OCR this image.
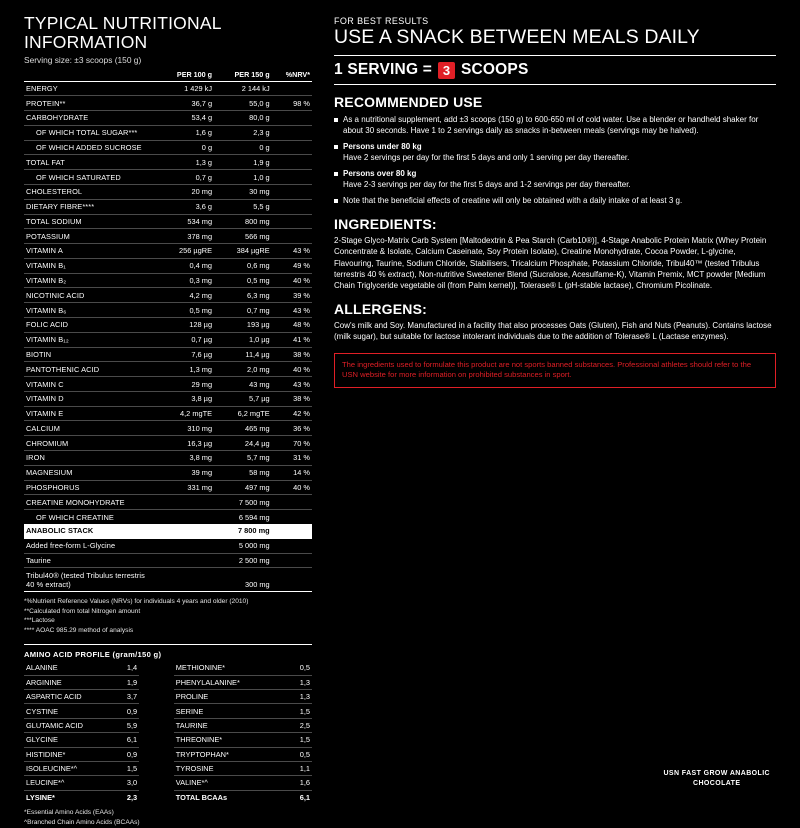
TYPICAL NUTRITIONAL INFORMATION
Serving size: ±3 scoops (150 g)
	PER 100 g	PER 150 g	%NRV*
ENERGY	1 429 kJ	2 144 kJ	
PROTEIN**	36,7 g	55,0 g	98 %
CARBOHYDRATE	53,4 g	80,0 g	
OF WHICH TOTAL SUGAR***	1,6 g	2,3 g	
OF WHICH ADDED SUCROSE	0 g	0 g	
TOTAL FAT	1,3 g	1,9 g	
OF WHICH SATURATED	0,7 g	1,0 g	
CHOLESTEROL	20 mg	30 mg	
DIETARY FIBRE****	3,6 g	5,5 g	
TOTAL SODIUM	534 mg	800 mg	
POTASSIUM	378 mg	566 mg	
VITAMIN A	256 µgRE	384 µgRE	43 %
VITAMIN B₁	0,4 mg	0,6 mg	49 %
VITAMIN B₂	0,3 mg	0,5 mg	40 %
NICOTINIC ACID	4,2 mg	6,3 mg	39 %
VITAMIN B₆	0,5 mg	0,7 mg	43 %
FOLIC ACID	128 µg	193 µg	48 %
VITAMIN B₁₂	0,7 µg	1,0 µg	41 %
BIOTIN	7,6 µg	11,4 µg	38 %
PANTOTHENIC ACID	1,3 mg	2,0 mg	40 %
VITAMIN C	29 mg	43 mg	43 %
VITAMIN D	3,8 µg	5,7 µg	38 %
VITAMIN E	4,2 mgTE	6,2 mgTE	42 %
CALCIUM	310 mg	465 mg	36 %
CHROMIUM	16,3 µg	24,4 µg	70 %
IRON	3,8 mg	5,7 mg	31 %
MAGNESIUM	39 mg	58 mg	14 %
PHOSPHORUS	331 mg	497 mg	40 %
CREATINE MONOHYDRATE		7 500 mg	
OF WHICH CREATINE		6 594 mg	
ANABOLIC STACK		7 800 mg	
Added free-form L-Glycine		5 000 mg	
Taurine		2 500 mg	
Tribul40® (tested Tribulus terrestris 40 % extract)		300 mg	
*%Nutrient Reference Values (NRVs) for individuals 4 years and older (2010)
**Calculated from total Nitrogen amount
***Lactose
**** AOAC 985.29 method of analysis
AMINO ACID PROFILE (gram/150 g)
ALANINE	1,4		METHIONINE*	0,5
ARGININE	1,9		PHENYLALANINE*	1,3
ASPARTIC ACID	3,7		PROLINE	1,3
CYSTINE	0,9		SERINE	1,5
GLUTAMIC ACID	5,9		TAURINE	2,5
GLYCINE	6,1		THREONINE*	1,5
HISTIDINE*	0,9		TRYPTOPHAN*	0,5
ISOLEUCINE*^	1,5		TYROSINE	1,1
LEUCINE*^	3,0		VALINE*^	1,6
LYSINE*	2,3		TOTAL BCAAs	6,1
*Essential Amino Acids (EAAs)
^Branched Chain Amino Acids (BCAAs)
FOR BEST RESULTS
USE A SNACK BETWEEN MEALS DAILY
1 SERVING = 3 SCOOPS
RECOMMENDED USE
As a nutritional supplement, add ±3 scoops (150 g) to 600-650 ml of cold water. Use a blender or handheld shaker for about 30 seconds. Have 1 to 2 servings daily as snacks in-between meals (servings may be halved).
Persons under 80 kg
Have 2 servings per day for the first 5 days and only 1 serving per day thereafter.
Persons over 80 kg
Have 2-3 servings per day for the first 5 days and 1-2 servings per day thereafter.
Note that the beneficial effects of creatine will only be obtained with a daily intake of at least 3 g.
INGREDIENTS:
2-Stage Glyco-Matrix Carb System [Maltodextrin & Pea Starch (Carb10®)], 4-Stage Anabolic Protein Matrix (Whey Protein Concentrate & Isolate, Calcium Caseinate, Soy Protein Isolate), Creatine Monohydrate, Cocoa Powder, L-glycine, Flavouring, Taurine, Sodium Chloride, Stabilisers, Tricalcium Phosphate, Potassium Chloride, Tribul40™ (tested Tribulus terrestris 40 % extract), Non-nutritive Sweetener Blend (Sucralose, Acesulfame-K), Vitamin Premix, MCT powder [Medium Chain Triglyceride vegetable oil (from Palm kernel)], Tolerase® L (pH-stable lactase), Chromium Picolinate.
ALLERGENS:
Cow's milk and Soy. Manufactured in a facility that also processes Oats (Gluten), Fish and Nuts (Peanuts). Contains lactose (milk sugar), but suitable for lactose intolerant individuals due to the addition of Tolerase® L (Lactase enzymes).
The ingredients used to formulate this product are not sports banned substances. Professional athletes should refer to the USN website for more information on prohibited substances in sport.
USN FAST GROW ANABOLIC
CHOCOLATE
